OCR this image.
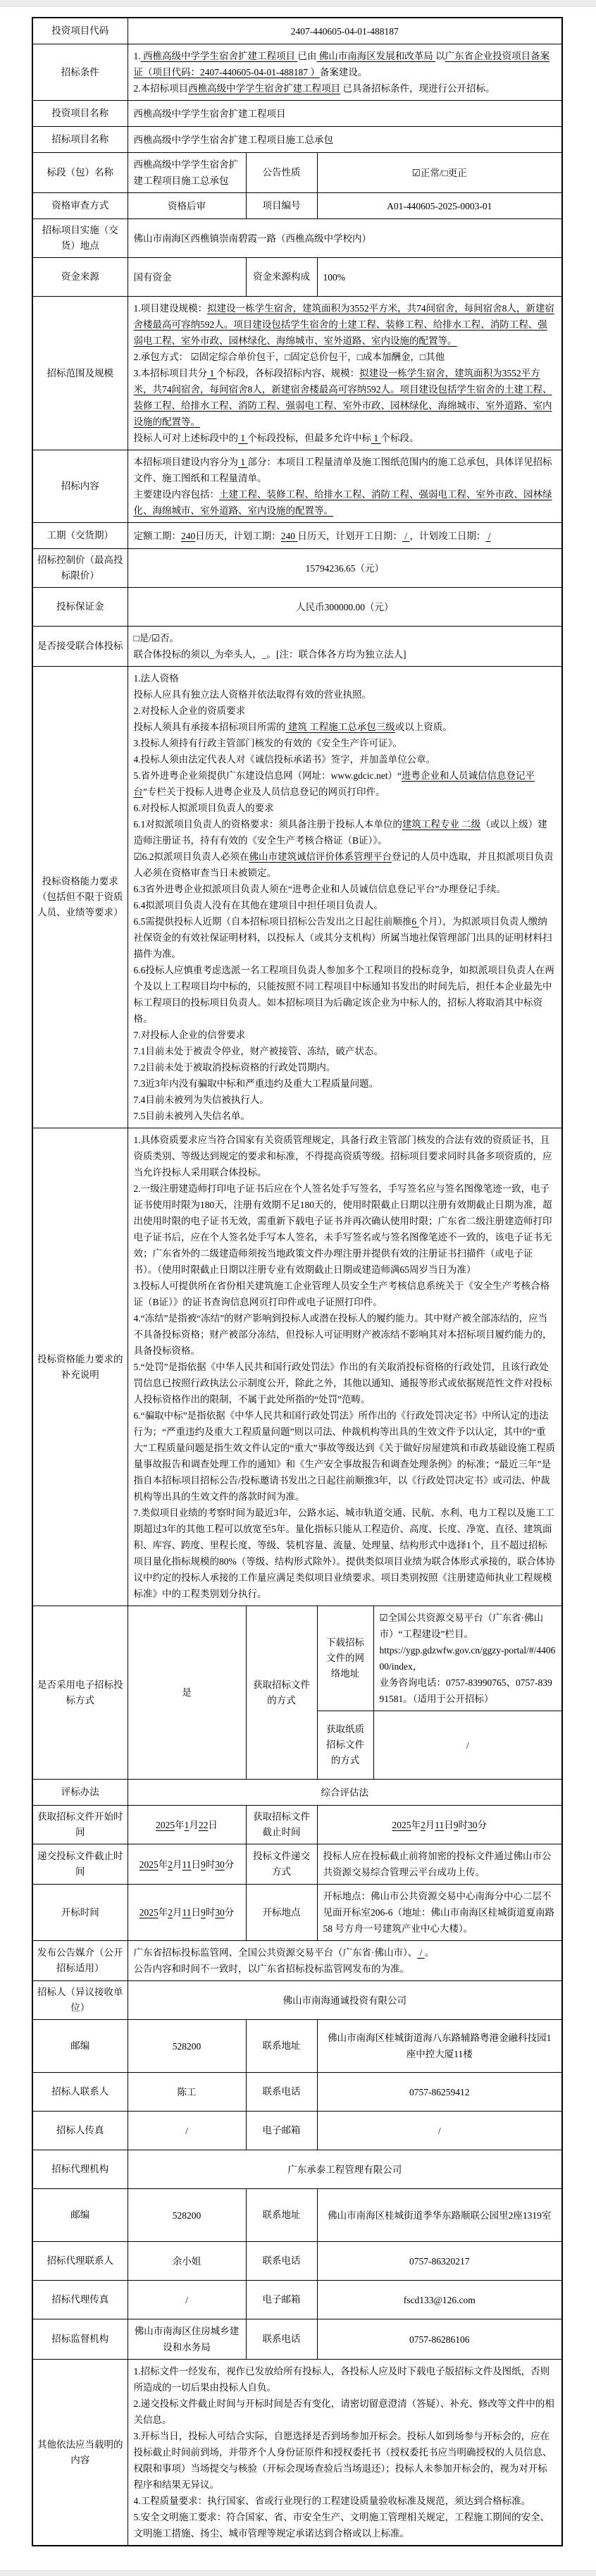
投资项目代码	2407-440605-04-01-488187			
招标条件	1. 西樵高级中学学生宿舍扩建工程项目 已由 佛山市南海区发展和改革局 以广东省企业投资项目备案证（项目代码：2407-440605-04-01-488187 ）备案建设。

2.本招标项目西樵高级中学学生宿舍扩建工程项目 已具备招标条件，现进行公开招标。			

投资项目名称	西樵高级中学学生宿舍扩建工程项目			
招标项目名称	西樵高级中学学生宿舍扩建工程项目施工总承包			
标段（包）名称	西樵高级中学学生宿舍扩建工程项目施工总承包	公告性质	☑正常/□更正	
资格审查方式	资格后审	项目编号	A01-440605-2025-0003-01	
招标项目实施（交货）地点	佛山市南海区西樵镇崇南碧霞一路（西樵高级中学校内）			
资金来源	国有资金	资金来源构成	100%	
招标范围及规模	1.项目建设规模：拟建设一栋学生宿舍，建筑面积为3552平方米，共74间宿舍，每间宿舍8人，新建宿舍楼最高可容纳592人。项目建设包括学生宿舍的土建工程、装修工程、给排水工程、消防工程、强弱电工程、室外市政、园林绿化、海绵城市、室外道路、室内设施的配置等。

2.承包方式： ☑固定综合单价包干，□固定总价包干，□成本加酬金，□其他

3.本招标项目共分 1 个标段，各标段招标内容、规模：拟建设一栋学生宿舍，建筑面积为3552平方米，共74间宿舍，每间宿舍8人，新建宿舍楼最高可容纳592人。项目建设包括学生宿舍的土建工程、装修工程、给排水工程、消防工程、强弱电工程、室外市政、园林绿化、海绵城市、室外道路、室内设施的配置等。

投标人可对上述标段中的 1 个标段投标，但最多允许中标 1 个标段。			

招标内容	本招标项目建设内容分为 1 部分：本项目工程量清单及施工图纸范围内的施工总承包，具体详见招标文件、施工图纸和工程量清单。

主要建设内容包括：土建工程、装修工程、给排水工程、消防工程、强弱电工程、室外市政、园林绿化、海绵城市、室外道路、室内设施的配置等。			

工期（交货期）	定额工期：240日历天，计划工期：240 日历天，计划开工日期： / ，计划竣工日期： /			
招标控制价（最高投标限价）	15794236.65（元）			
投标保证金	人民币300000.00（元）			
是否接受联合体投标	□是/☑否。

联合体投标的须以_为牵头人，_。[注：联合体各方均为独立法人]			

投标资格能力要求（包括但不限于资质人员、业绩等要求）	

1.法人资格

投标人应具有独立法人资格并依法取得有效的营业执照。

2.对投标人企业的资质要求

投标人须具有承接本招标项目所需的 建筑 工程施工总承包三级或以上资质。

3.投标人须持有行政主管部门核发的有效的《安全生产许可证》。

4.投标人须由法定代表人对《诚信投标承诺书》签字，并加盖单位公章。

5.省外进粤企业须提供广东建设信息网（网址：www.gdcic.net）“进粤企业和人员诚信信息登记平台”专栏关于投标人进粤企业及人员信息登记的网页打印件。

6.对投标人拟派项目负责人的要求

6.1对拟派项目负责人的资格要求：须具备注册于投标人本单位的建筑工程专业 二级（或以上级）建造师注册证书，持有有效的《安全生产考核合格证（B证）》。

☑6.2拟派项目负责人必须在佛山市建筑诚信评价体系管理平台登记的人员中选取，并且拟派项目负责人必须在资格审查当日未被锁定。

6.3省外进粤企业拟派项目负责人须在“进粤企业和人员诚信信息登记平台”办理登记手续。

6.4拟派项目负责人没有在其他在建项目中担任项目负责人。

6.5需提供投标人近期（自本招标项目招标公告发出之日起往前顺推6 个月），为拟派项目负责人缴纳社保资金的有效社保证明材料，以投标人（或其分支机构）所属当地社保管理部门出具的证明材料扫描件为准。

6.6投标人应慎重考虑选派一名工程项目负责人参加多个工程项目的投标竞争，如拟派项目负责人在两个及以上工程项目均中标的，只能按照不同工程项目中标通知书发出的时间先后，担任本企业最先中标工程项目的投标项目负责人。如本招标项目为后确定该企业为中标人的，招标人将取消其中标资格。

7.对投标人企业的信誉要求

7.1目前未处于被责令停业，财产被接管、冻结，破产状态。

7.2目前未处于被取消投标资格的行政处罚期内。

7.3近3年内没有骗取中标和严重违约及重大工程质量问题。

7.4目前未被列为失信被执行人。

7.5目前未被列入失信名单。

投标资格能力要求的补充说明	

1.具体资质要求应当符合国家有关资质管理规定，具备行政主管部门核发的合法有效的资质证书，且资质类别、等级达到规定的要求和标准，不得提高资质等级。招标项目要求同时具备多项资质的，应当允许投标人采用联合体投标。

2.一级注册建造师打印电子证书后应在个人签名处手写签名，手写签名应与签名图像笔迹一致，电子证书使用时限为180天，注册有效期不足180天的，使用时限截止日期以注册有效期截止日期为准，超出使用时限的电子证书无效，需重新下载电子证书并再次确认使用时限；广东省二级注册建造师打印电子证书后，应在个人签名处手写本人签名，未手写签名或与签名图像笔迹不一致的，该电子证书无效；广东省外的二级建造师须按当地政策文件办理注册并提供有效的注册证书扫描件（或电子证书）。（使用时限截止日期以注册专业有效期截止日期或建造师满65周岁当日为准）

3.投标人可提供所在省份相关建筑施工企业管理人员安全生产考核信息系统关于《安全生产考核合格证（B证）》的证书查询信息网页打印件或电子证照打印件。

4.“冻结”是指被“冻结”的财产影响到投标人或潜在投标人的履约能力。其中财产被全部冻结的，应当不具备投标资格；财产被部分冻结，但投标人可证明财产被冻结不影响其对本招标项目履约能力的，具备投标资格。

5.“处罚”是指依据《中华人民共和国行政处罚法》作出的有关取消投标资格的行政处罚，且该行政处罚信息已按照行政执法公示制度公开，除此之外，其他以通知、通报等形式或依据规范性文件对投标人投标资格作出的限制，不属于此处所指的“处罚”范畴。

6.“骗取中标”是指依据《中华人民共和国行政处罚法》所作出的《行政处罚决定书》中所认定的违法行为；“严重违约及重大工程质量问题”则以司法、仲裁机构等出具的生效文件予以认定，其中的“重大”工程质量问题是指生效文件认定的“重大”事故等级达到《关于做好房屋建筑和市政基础设施工程质量事故报告和调查处理工作的通知》和《生产安全事故报告和调查处理条例》的标准；“最近三年”是指自本招标项目招标公告/投标邀请书发出之日起往前顺推3年，以《行政处罚决定书》或司法、仲裁机构等出具的生效文件的落款时间为准。

7.类似项目业绩的考察时间为最近3年，公路水运、城市轨道交通、民航、水利、电力工程以及施工工期超过3年的其他工程可以放宽至5年。量化指标只能从工程造价、高度、长度、净宽、直径、建筑面积、库容、跨度、里程长度、等级、装机容量、流量、处理量、结构形式中选择1个，且不超过招标项目量化指标规模的80%（等级、结构形式除外）。提供类似项目业绩为联合体形式承接的，联合体协议中约定的投标人承接的工作量应满足类似项目业绩要求。项目类别按照《注册建造师执业工程规模标准》中的工程类别划分执行。

是否采用电子招标投标方式	是	获取招标文件的方式	下载招标文件的网络地址	☑全国公共资源交易平台（广东省·佛山市）“工程建设”栏目。

https://ygp.gdzwfw.gov.cn/ggzy-portal/#/440600/index，

业务咨询电话：0757-83990765、0757-83991581。（适用于公开招标）

			获取纸质招标文件的方式	/
评标办法	综合评估法			
获取招标文件开始时间	2025年1月22日	获取招标文件截止时间	2025年2月11日9时30分	
递交投标文件截止时间	2025年2月11日9时30分	投标文件递交方式	投标人应在投标截止前将加密的投标文件通过佛山市公共资源交易综合管理云平台成功上传。	
开标时间	2025年2月11日9时30分	开标地点	开标地点：佛山市公共资源交易中心南海分中心二层不见面开标室206-6（地址：佛山市南海区桂城街道夏南路 58 号方舟一号建筑产业中心大楼）。	
发布公告媒介（公开招标适用）	广东省招标投标监管网、全国公共资源交易平台（广东省·佛山市）、 / 。

公告内容和时间不一致时，以广东省招标投标监管网发布的为准。			

招标人（异议接收单位）	佛山市南海通诚投资有限公司			
邮编	528200	联系地址	佛山市南海区桂城街道海八东路辅路粤港金融科技园1座中控大厦11楼	
招标人联系人	陈工	联系电话	0757-86259412	
招标人传真	/	电子邮箱	/	
招标代理机构	广东承泰工程管理有限公司			
邮编	528200	联系地址	佛山市南海区桂城街道季华东路顺联公园里2座1319室	
招标代理联系人	余小姐	联系电话	0757-86320217	
招标代理传真	/	电子邮箱	fscd133@126.com	
招标监督机构	佛山市南海区住房城乡建设和水务局	联系电话	0757-86286106	
其他依法应当载明的内容	1.招标文件一经发布，视作已发放给所有投标人，各投标人应及时下载电子版招标文件及图纸，否则所造成的一切后果由投标人自负。

2.递交投标文件截止时间与开标时间是否有变化，请密切留意澄清（答疑）、补充、修改等文件中的相关信息。

3.开标当日，投标人可结合实际，自愿选择是否到场参加开标会。投标人如到场参与开标会的，应在投标截止时间前到场，并带齐个人身份证原件和授权委托书（授权委托书应当明确授权的人员信息、权限和事项）当场提交与核验（开标会现场查验后当场退还）；投标人未参加开标会的，视为对开标程序和结果无异议。

4.工程质量要求：执行国家、省或行业现行的工程建设质量验收标准及规范，须达到合格标准。

5.安全文明施工要求：符合国家、省、市安全生产、文明施工管理相关规定，工程施工期间的安全、文明施工措施、扬尘、城市管理等规定承诺达到合格或以上标准。			
